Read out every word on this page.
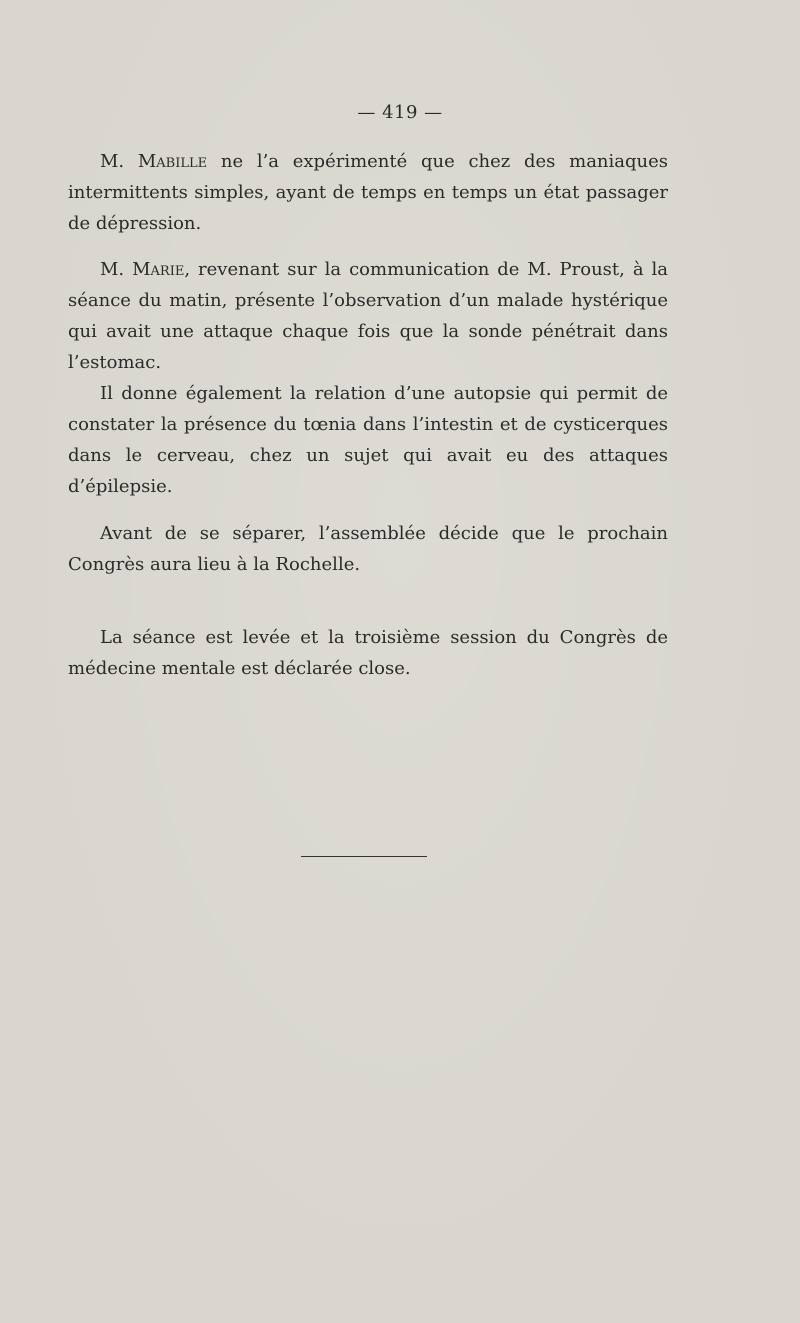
— 419 —

M. Mabille ne l’a expérimenté que chez des maniaques intermittents simples, ayant de temps en temps un état passager de dépression.

M. Marie, revenant sur la communication de M. Proust, à la séance du matin, présente l’observation d’un malade hystérique qui avait une attaque chaque fois que la sonde pénétrait dans l’estomac.

Il donne également la relation d’une autopsie qui permit de constater la présence du tœnia dans l’intestin et de cysticerques dans le cerveau, chez un sujet qui avait eu des attaques d’épilepsie.

Avant de se séparer, l’assemblée décide que le prochain Congrès aura lieu à la Rochelle.

La séance est levée et la troisième session du Congrès de médecine mentale est déclarée close.
